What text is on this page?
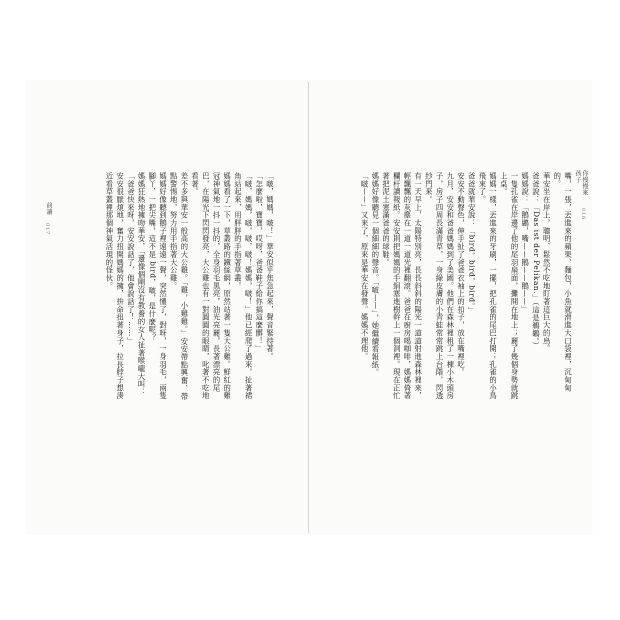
「啵，媽媽，啵！」華安似乎焦急起來，聲音緊持著。

「怎麼啦，寶寶，哎呀，爸爸鞋子給你搞這麼髒！」

「啵，媽媽，啵，啵，啵！媽媽，啵！」他已經爬了過來，扯著裙角站起來，用胖胖的手指著草叢。

媽媽看了一下，草叢路的鐵絲網，原然站著一隻大公雞。鮮紅的雞冠神氣地一抖一抖的，全身羽毛黑亮，油光亮麗，長著漂亮的尾巴，在陽光下閃閃發亮，大公雞也有一對圓圓的眼睛，叱著不吃地看著。

差不多與華安一般高的大公雞。「雞，小雞雞。」安安帶點興奮、帶點警惕地，努力用手指著大公雞。

媽媽好像聽到鵝子裡遠遠一聲，突然懂了，對呀，一身羽毛，兩隻腳丫，一把尖嘴，這不是 bird，啵，是什麼呢？

媽媽狂熱地擁吻華安，「邊像個剛沒有教養的女人扯著喉嚨大叫：「爸爸快來呀，安安說話了，他會說話了！……」

安安很厭煩地，奮力扭開媽媽的擁，拚命扭著身子，拉長脖子想湊近看草叢裡那個神氣活現的怪伙。

前讀
017	嘴，一張，丟進來的蘋果、麵包，小魚就滑進大口袋裡，沉甸甸的。

華安坐在岸上，聰明、鬆然不吃地盯著這巨大的鳥。

爸爸說：「Das ist der Pelikan.」（這是鵜鶘。）

媽媽說：「鵝鶘，嘴——鵝——鵝——」

一隻孔雀在岸邊了他的尾羽扇面，攤開在地上；麗了幾個身勢就跳上桌。

媽媽一樣，丟進來的牙刷，一擺，把孔雀的尾巴打開；孔雀的小鳥飛來了。

爸爸就華安說：「bird，bird，bird。」

安安不動聲色，伸手扯了爸爸衣袖上的扣子，放在嘴裡吃。

九月，安安和爸爸媽媽到了美國。他們在森林裡租了一棟小木頭房子，房子四周長滿青草，一身綠皮膚的小青蛙常常跳上台階，閃透紗門來。

有一天早上，太陽特別亮，長長斜斜的陽光一道道射進森林裡來，輕飄飄的灰塵在一道一道光裡翻滾。爸爸在廚房喝咖啡，媽媽倚著欄杆讀報紙。安安則把媽媽的手絹塞進樹幹上一個洞裡。現在正忙著把泥土塞滿爸爸的球鞋。

媽媽好像聽見一個細細的聲音。「啵——」，她繼續看報紙。

「啵——」又來了，原來是華安在發聲。媽媽不理他。	孩子 你慢慢來
016
